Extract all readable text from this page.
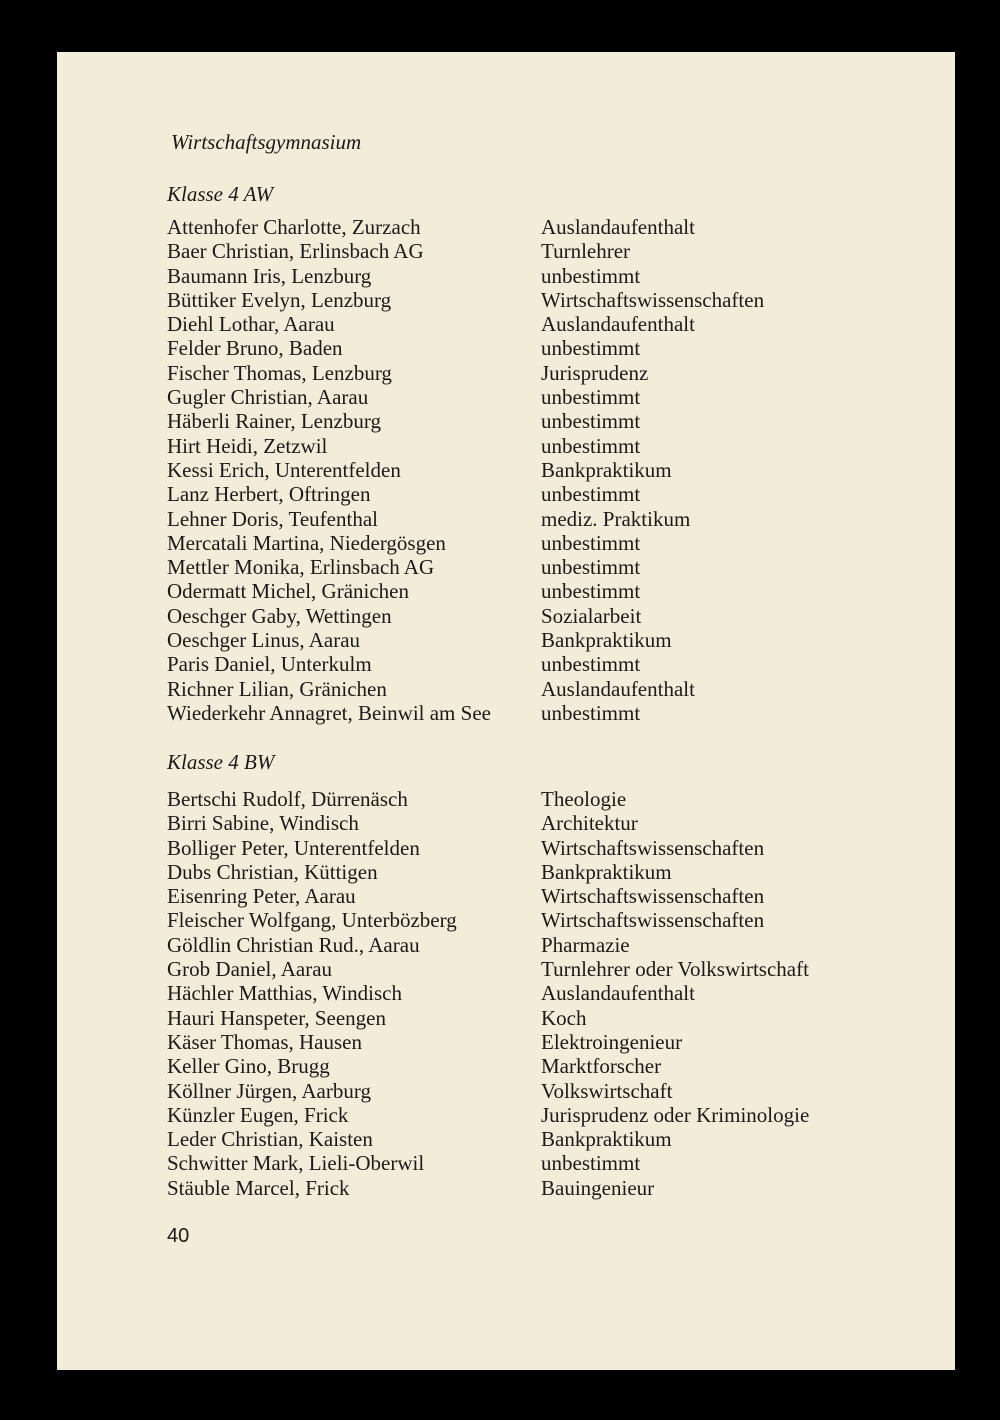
Wirtschaftsgymnasium
Klasse 4 AW
Attenhofer Charlotte, Zurzach	Auslandaufenthalt
Baer Christian, Erlinsbach AG	Turnlehrer
Baumann Iris, Lenzburg	unbestimmt
Büttiker Evelyn, Lenzburg	Wirtschaftswissenschaften
Diehl Lothar, Aarau	Auslandaufenthalt
Felder Bruno, Baden	unbestimmt
Fischer Thomas, Lenzburg	Jurisprudenz
Gugler Christian, Aarau	unbestimmt
Häberli Rainer, Lenzburg	unbestimmt
Hirt Heidi, Zetzwil	unbestimmt
Kessi Erich, Unterentfelden	Bankpraktikum
Lanz Herbert, Oftringen	unbestimmt
Lehner Doris, Teufenthal	mediz. Praktikum
Mercatali Martina, Niedergösgen	unbestimmt
Mettler Monika, Erlinsbach AG	unbestimmt
Odermatt Michel, Gränichen	unbestimmt
Oeschger Gaby, Wettingen	Sozialarbeit
Oeschger Linus, Aarau	Bankpraktikum
Paris Daniel, Unterkulm	unbestimmt
Richner Lilian, Gränichen	Auslandaufenthalt
Wiederkehr Annagret, Beinwil am See unbestimmt
Klasse 4 BW
Bertschi Rudolf, Dürrenäsch	Theologie
Birri Sabine, Windisch	Architektur
Bolliger Peter, Unterentfelden	Wirtschaftswissenschaften
Dubs Christian, Küttigen	Bankpraktikum
Eisenring Peter, Aarau	Wirtschaftswissenschaften
Fleischer Wolfgang, Unterbözberg	Wirtschaftswissenschaften
Göldlin Christian Rud., Aarau	Pharmazie
Grob Daniel, Aarau	Turnlehrer oder Volkswirtschaft
Hächler Matthias, Windisch	Auslandaufenthalt
Hauri Hanspeter, Seengen	Koch
Käser Thomas, Hausen	Elektroingenieur
Keller Gino, Brugg	Marktforscher
Köllner Jürgen, Aarburg	Volkswirtschaft
Künzler Eugen, Frick	Jurisprudenz oder Kriminologie
Leder Christian, Kaisten	Bankpraktikum
Schwitter Mark, Lieli-Oberwil	unbestimmt
Stäuble Marcel, Frick	Bauingenieur
40
